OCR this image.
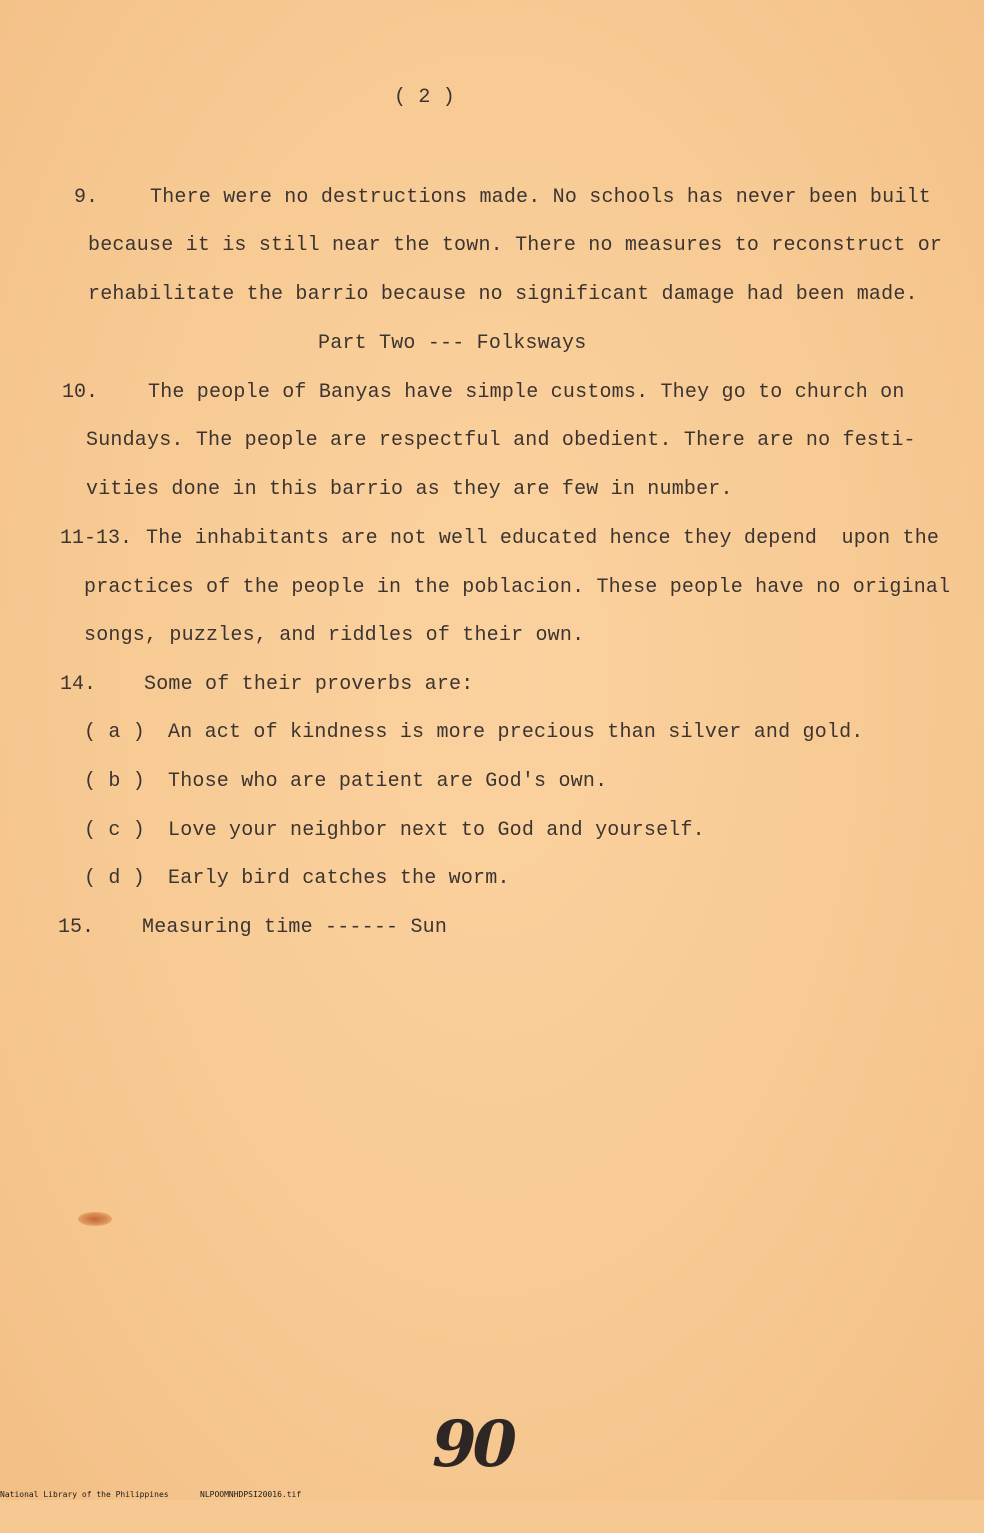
( 2 )
9.	There were no destructions made. No schools has never been built
because it is still near the town. There no measures to reconstruct or
rehabilitate the barrio because no significant damage had been made.
Part Two --- Folksways
10. The people of Banyas have simple customs. They go to church on
Sundays. The people are respectful and obedient. There are no festi-
vities done in this barrio as they are few in number.
11-13. The inhabitants are not well educated hence they depend  upon the
practices of the people in the poblacion. These people have no original
songs, puzzles, and riddles of their own.
14. Some of their proverbs are:
( a ) An act of kindness is more precious than silver and gold.
( b ) Those who are patient are God's own.
( c ) Love your neighbor next to God and yourself.
( d ) Early bird catches the worm.
15. Measuring time ------ Sun
90

National Library of the Philippines

	NLPOOMNHDPSI20016.tif
